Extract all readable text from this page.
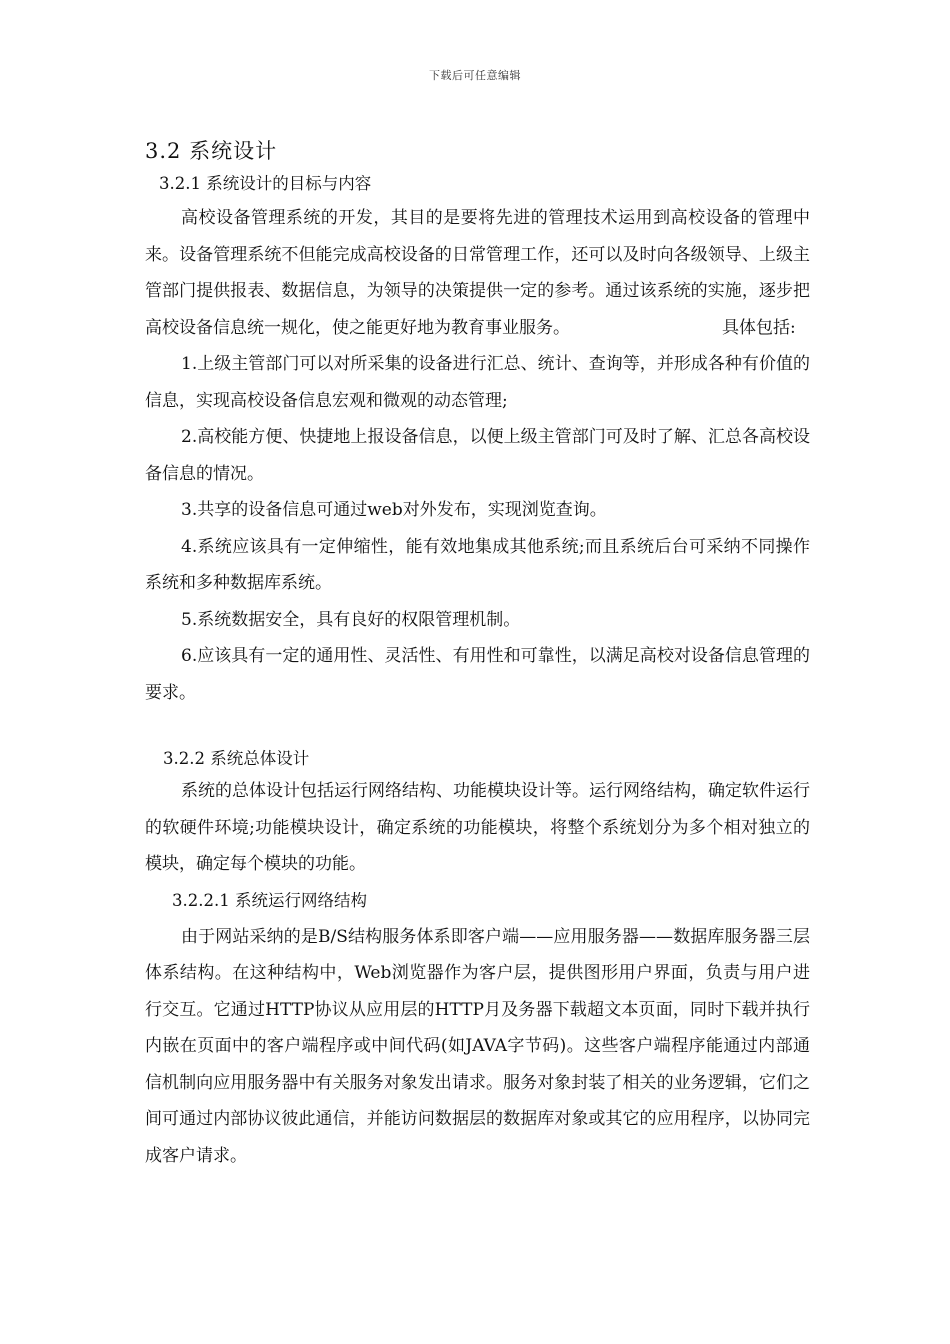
下载后可任意编辑
3.2 系统设计
3.2.1 系统设计的目标与内容

高校设备管理系统的开发，其目的是要将先进的管理技术运用到高校设备的管理中来。设备管理系统不但能完成高校设备的日常管理工作，还可以及时向各级领导、上级主管部门提供报表、数据信息，为领导的决策提供一定的参考。通过该系统的实施，逐步把高校设备信息统一规化，使之能更好地为教育事业服务。	具体包括:

1.上级主管部门可以对所采集的设备进行汇总、统计、查询等，并形成各种有价值的信息，实现高校设备信息宏观和微观的动态管理;

2.高校能方便、快捷地上报设备信息，以便上级主管部门可及时了解、汇总各高校设备信息的情况。

3.共享的设备信息可通过web对外发布，实现浏览查询。

4.系统应该具有一定伸缩性，能有效地集成其他系统;而且系统后台可采纳不同操作系统和多种数据库系统。

5.系统数据安全，具有良好的权限管理机制。

6.应该具有一定的通用性、灵活性、有用性和可靠性，以满足高校对设备信息管理的要求。

3.2.2 系统总体设计

系统的总体设计包括运行网络结构、功能模块设计等。运行网络结构，确定软件运行的软硬件环境;功能模块设计，确定系统的功能模块，将整个系统划分为多个相对独立的模块，确定每个模块的功能。

3.2.2.1 系统运行网络结构

由于网站采纳的是B/S结构服务体系即客户端——应用服务器——数据库服务器三层体系结构。在这种结构中，Web浏览器作为客户层，提供图形用户界面，负责与用户进行交互。它通过HTTP协议从应用层的HTTP月及务器下载超文本页面，同时下载并执行内嵌在页面中的客户端程序或中间代码(如JAVA字节码)。这些客户端程序能通过内部通信机制向应用服务器中有关服务对象发出请求。服务对象封装了相关的业务逻辑，它们之间可通过内部协议彼此通信，并能访问数据层的数据库对象或其它的应用程序，以协同完成客户请求。
